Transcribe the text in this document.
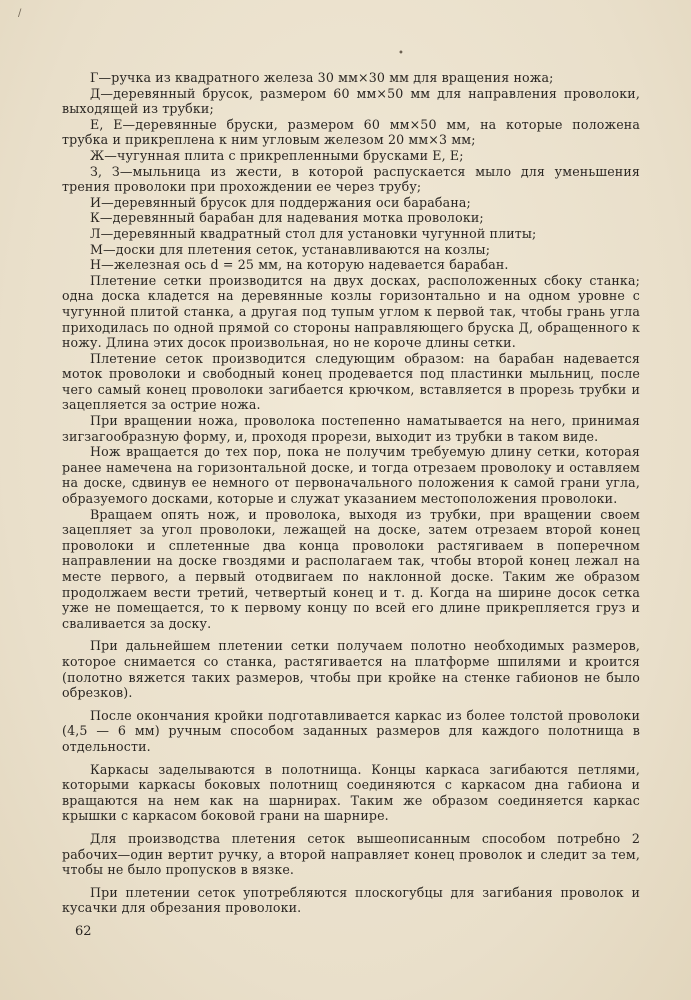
/
•

Г—ручка из квадратного железа 30 мм×30 мм для вращения ножа;

Д—деревянный брусок, размером 60 мм×50 мм для направления проволоки, выходящей из трубки;

Е, Е—деревянные бруски, размером 60 мм×50 мм, на которые положена трубка и прикреплена к ним угловым железом 20 мм×3 мм;

Ж—чугунная плита с прикрепленными брусками Е, Е;

З, З—мыльница из жести, в которой распускается мыло для уменьшения трения проволоки при прохождении ее через трубу;

И—деревянный брусок для поддержания оси барабана;

К—деревянный барабан для надевания мотка проволоки;

Л—деревянный квадратный стол для установки чугунной плиты;

М—доски для плетения сеток, устанавливаются на козлы;

Н—железная ось d = 25 мм, на которую надевается барабан.

Плетение сетки производится на двух досках, расположенных сбоку станка; одна доска кладется на деревянные козлы горизонтально и на одном уровне с чугунной плитой станка, а другая под тупым углом к первой так, чтобы грань угла приходилась по одной прямой со стороны направляющего бруска Д, обращенного к ножу. Длина этих досок произвольная, но не короче длины сетки.

Плетение сеток производится следующим образом: на барабан надевается моток проволоки и свободный конец продевается под пластинки мыльниц, после чего самый конец проволоки загибается крючком, вставляется в прорезь трубки и зацепляется за острие ножа.

При вращении ножа, проволока постепенно наматывается на него, принимая зигзагообразную форму, и, проходя прорези, выходит из трубки в таком виде.

Нож вращается до тех пор, пока не получим требуемую длину сетки, которая ранее намечена на горизонтальной доске, и тогда отрезаем проволоку и оставляем на доске, сдвинув ее немного от первоначального положения к самой грани угла, образуемого досками, которые и служат указанием местоположения проволоки.

Вращаем опять нож, и проволока, выходя из трубки, при вращении своем зацепляет за угол проволоки, лежащей на доске, затем отрезаем второй конец проволоки и сплетенные два конца проволоки растягиваем в поперечном направлении на доске гвоздями и располагаем так, чтобы второй конец лежал на месте первого, а первый отодвигаем по наклонной доске. Таким же образом продолжаем вести третий, четвертый конец и т. д. Когда на ширине досок сетка уже не помещается, то к первому концу по всей его длине прикрепляется груз и сваливается за доску.

При дальнейшем плетении сетки получаем полотно необходимых размеров, которое снимается со станка, растягивается на платформе шпилями и кроится (полотно вяжется таких размеров, чтобы при кройке на стенке габионов не было обрезков).

После окончания кройки подготавливается каркас из более толстой проволоки (4,5 — 6 мм) ручным способом заданных размеров для каждого полотнища в отдельности.

Каркасы заделываются в полотнища. Концы каркаса загибаются петлями, которыми каркасы боковых полотнищ соединяются с каркасом дна габиона и вращаются на нем как на шарнирах. Таким же образом соединяется каркас крышки с каркасом боковой грани на шарнире.

Для производства плетения сеток вышеописанным способом потребно 2 рабочих—один вертит ручку, а второй направляет конец проволок и следит за тем, чтобы не было пропусков в вязке.

При плетении сеток употребляются плоскогубцы для загибания проволок и кусачки для обрезания проволоки.

62
